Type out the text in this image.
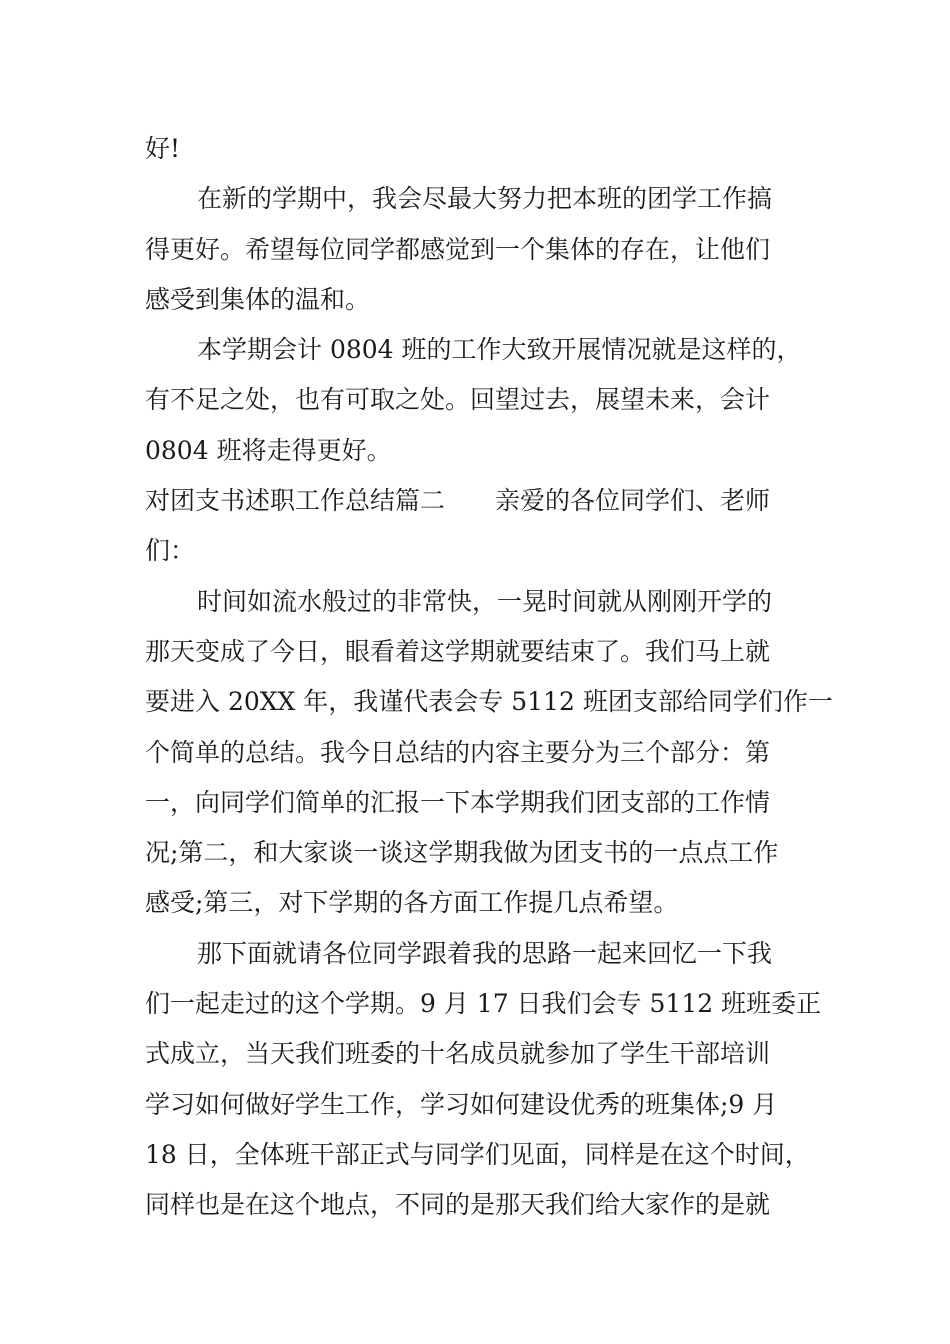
好!
在新的学期中，我会尽最大努力把本班的团学工作搞
得更好。希望每位同学都感觉到一个集体的存在，让他们
感受到集体的温和。
本学期会计 0804 班的工作大致开展情况就是这样的，
有不足之处，也有可取之处。回望过去，展望未来，会计
0804 班将走得更好。
对团支书述职工作总结篇二 亲爱的各位同学们、老师
们：
时间如流水般过的非常快，一晃时间就从刚刚开学的
那天变成了今日，眼看着这学期就要结束了。我们马上就
要进入 20XX 年，我谨代表会专 5112 班团支部给同学们作一
个简单的总结。我今日总结的内容主要分为三个部分：第
一，向同学们简单的汇报一下本学期我们团支部的工作情
况;第二，和大家谈一谈这学期我做为团支书的一点点工作
感受;第三，对下学期的各方面工作提几点希望。
那下面就请各位同学跟着我的思路一起来回忆一下我
们一起走过的这个学期。9 月 17 日我们会专 5112 班班委正
式成立，当天我们班委的十名成员就参加了学生干部培训
学习如何做好学生工作，学习如何建设优秀的班集体;9 月
18 日，全体班干部正式与同学们见面，同样是在这个时间，
同样也是在这个地点，不同的是那天我们给大家作的是就
